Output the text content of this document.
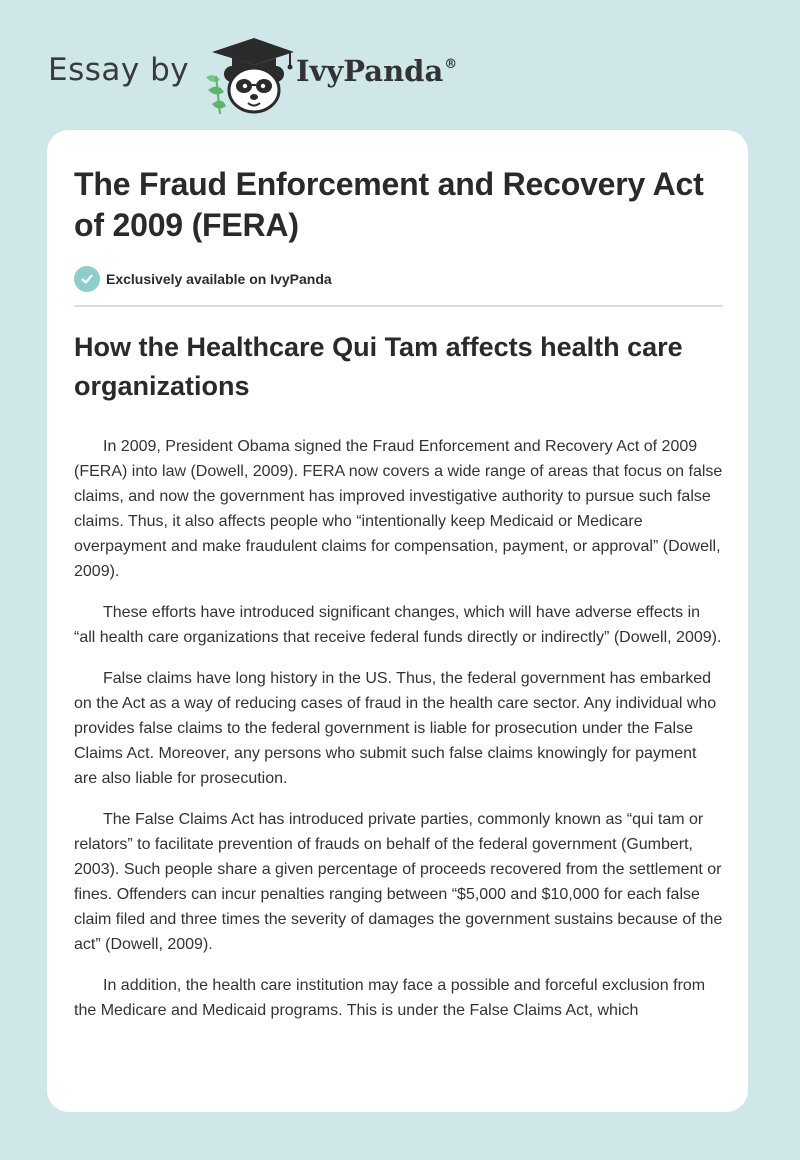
Essay by	IvyPanda®
The Fraud Enforcement and Recovery Act of 2009 (FERA)
Exclusively available on IvyPanda
How the Healthcare Qui Tam affects health care organizations

In 2009, President Obama signed the Fraud Enforcement and Recovery Act of 2009 (FERA) into law (Dowell, 2009). FERA now covers a wide range of areas that focus on false claims, and now the government has improved investigative authority to pursue such false claims. Thus, it also affects people who “intentionally keep Medicaid or Medicare overpayment and make fraudulent claims for compensation, payment, or approval” (Dowell, 2009).

These efforts have introduced significant changes, which will have adverse effects in “all health care organizations that receive federal funds directly or indirectly” (Dowell, 2009).

False claims have long history in the US. Thus, the federal government has embarked on the Act as a way of reducing cases of fraud in the health care sector. Any individual who provides false claims to the federal government is liable for prosecution under the False Claims Act. Moreover, any persons who submit such false claims knowingly for payment are also liable for prosecution.

The False Claims Act has introduced private parties, commonly known as “qui tam or relators” to facilitate prevention of frauds on behalf of the federal government (Gumbert, 2003). Such people share a given percentage of proceeds recovered from the settlement or fines. Offenders can incur penalties ranging between “$5,000 and $10,000 for each false claim filed and three times the severity of damages the government sustains because of the act” (Dowell, 2009).

In addition, the health care institution may face a possible and forceful exclusion from the Medicare and Medicaid programs. This is under the False Claims Act, which
